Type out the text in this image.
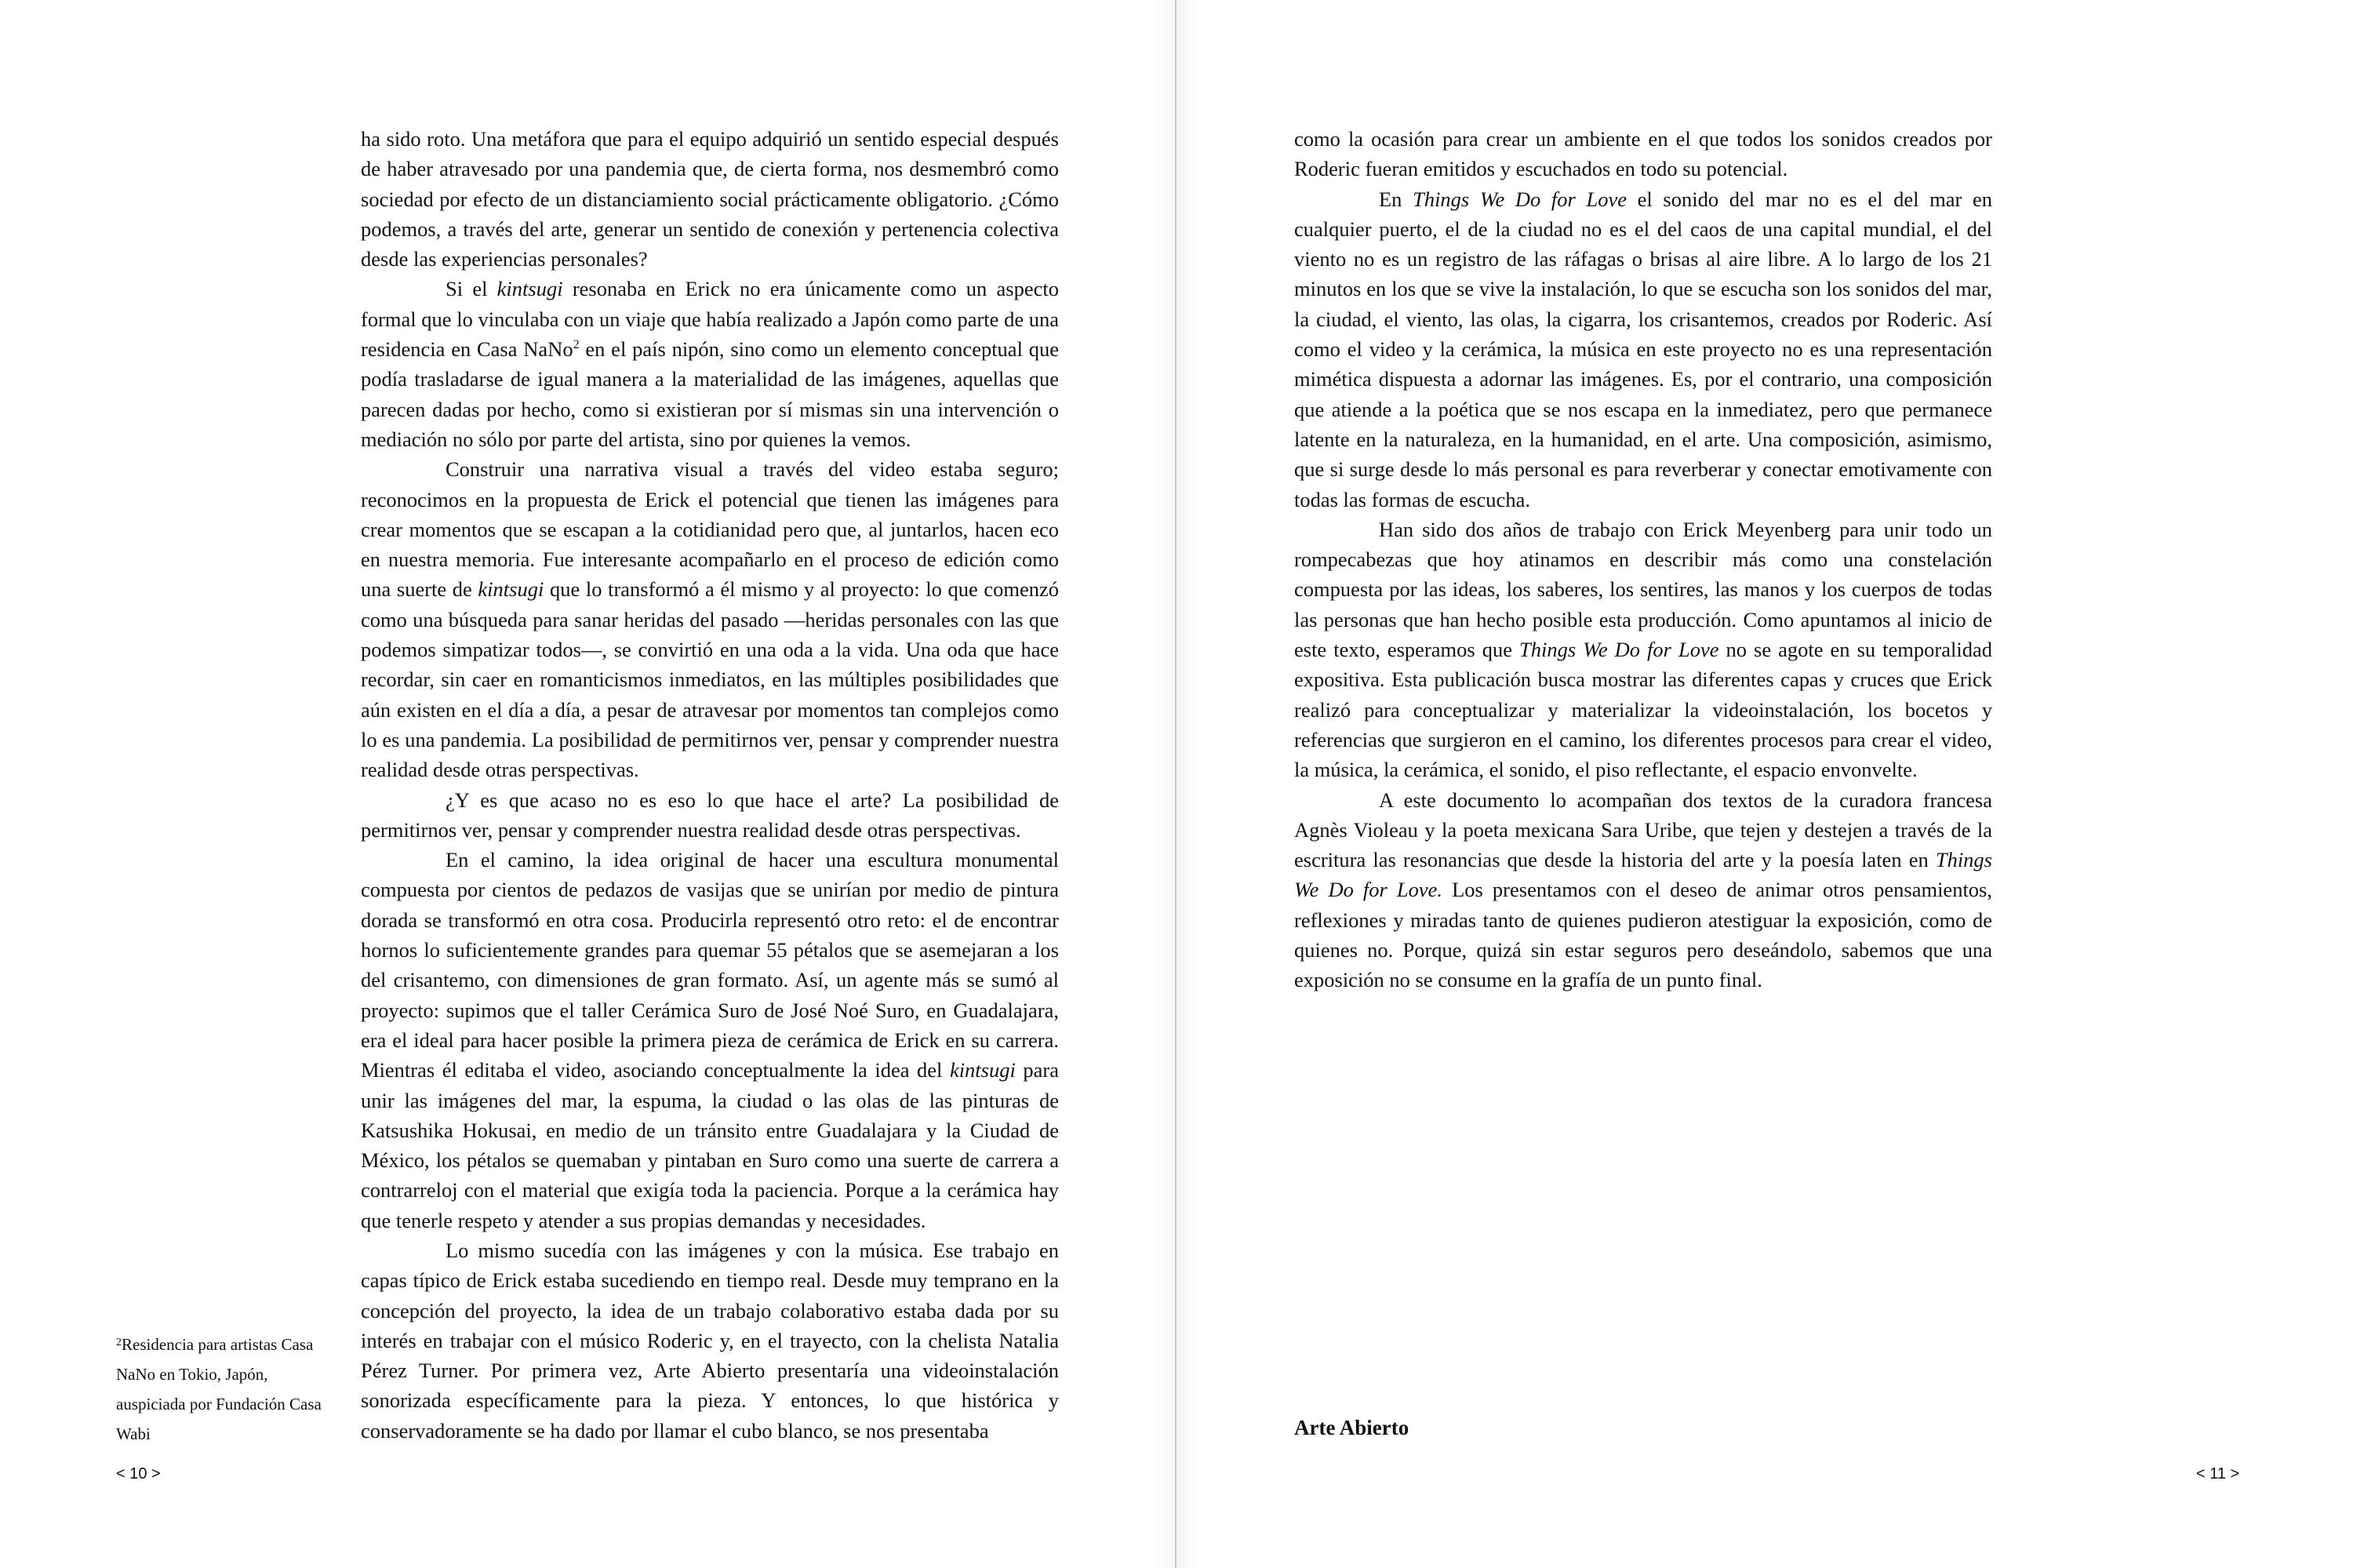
ha sido roto. Una metáfora que para el equipo adquirió un sentido especial después de haber atravesado por una pandemia que, de cierta forma, nos desmembró como sociedad por efecto de un distanciamiento social prácticamente obligatorio. ¿Cómo podemos, a través del arte, generar un sentido de conexión y pertenencia colectiva desde las experiencias personales?

Si el kintsugi resonaba en Erick no era únicamente como un aspecto formal que lo vinculaba con un viaje que había realizado a Japón como parte de una residencia en Casa NaNo$^2$ en el país nipón, sino como un elemento conceptual que podía trasladarse de igual manera a la materialidad de las imágenes, aquellas que parecen dadas por hecho, como si existieran por sí mismas sin una intervención o mediación no sólo por parte del artista, sino por quienes la vemos.

Construir una narrativa visual a través del video estaba seguro; reconocimos en la propuesta de Erick el potencial que tienen las imágenes para crear momentos que se escapan a la cotidianidad pero que, al juntarlos, hacen eco en nuestra memoria. Fue interesante acompañarlo en el proceso de edición como una suerte de kintsugi que lo transformó a él mismo y al proyecto: lo que comenzó como una búsqueda para sanar heridas del pasado —heridas personales con las que podemos simpatizar todos—, se convirtió en una oda a la vida. Una oda que hace recordar, sin caer en romanticismos inmediatos, en las múltiples posibilidades que aún existen en el día a día, a pesar de atravesar por momentos tan complejos como lo es una pandemia. La posibilidad de permitirnos ver, pensar y comprender nuestra realidad desde otras perspectivas.

¿Y es que acaso no es eso lo que hace el arte? La posibilidad de permitirnos ver, pensar y comprender nuestra realidad desde otras perspectivas.

En el camino, la idea original de hacer una escultura monumental compuesta por cientos de pedazos de vasijas que se unirían por medio de pintura dorada se transformó en otra cosa. Producirla representó otro reto: el de encontrar hornos lo suficientemente grandes para quemar 55 pétalos que se asemejaran a los del crisantemo, con dimensiones de gran formato. Así, un agente más se sumó al proyecto: supimos que el taller Cerámica Suro de José Noé Suro, en Guadalajara, era el ideal para hacer posible la primera pieza de cerámica de Erick en su carrera. Mientras él editaba el video, asociando conceptualmente la idea del kintsugi para unir las imágenes del mar, la espuma, la ciudad o las olas de las pinturas de Katsushika Hokusai, en medio de un tránsito entre Guadalajara y la Ciudad de México, los pétalos se quemaban y pintaban en Suro como una suerte de carrera a contrarreloj con el material que exigía toda la paciencia. Porque a la cerámica hay que tenerle respeto y atender a sus propias demandas y necesidades.

Lo mismo sucedía con las imágenes y con la música. Ese trabajo en capas típico de Erick estaba sucediendo en tiempo real. Desde muy temprano en la concepción del proyecto, la idea de un trabajo colaborativo estaba dada por su interés en trabajar con el músico Roderic y, en el trayecto, con la chelista Natalia Pérez Turner. Por primera vez, Arte Abierto presentaría una videoinstalación sonorizada específicamente para la pieza. Y entonces, lo que histórica y conservadoramente se ha dado por llamar el cubo blanco, se nos presentaba

$^2$Residencia para artistas Casa NaNo en Tokio, Japón, auspiciada por Fundación Casa Wabi
< 10 >

como la ocasión para crear un ambiente en el que todos los sonidos creados por Roderic fueran emitidos y escuchados en todo su potencial.

En Things We Do for Love el sonido del mar no es el del mar en cualquier puerto, el de la ciudad no es el del caos de una capital mundial, el del viento no es un registro de las ráfagas o brisas al aire libre. A lo largo de los 21 minutos en los que se vive la instalación, lo que se escucha son los sonidos del mar, la ciudad, el viento, las olas, la cigarra, los crisantemos, creados por Roderic. Así como el video y la cerámica, la música en este proyecto no es una representación mimética dispuesta a adornar las imágenes. Es, por el contrario, una composición que atiende a la poética que se nos escapa en la inmediatez, pero que permanece latente en la naturaleza, en la humanidad, en el arte. Una composición, asimismo, que si surge desde lo más personal es para reverberar y conectar emotivamente con todas las formas de escucha.

Han sido dos años de trabajo con Erick Meyenberg para unir todo un rompecabezas que hoy atinamos en describir más como una constelación compuesta por las ideas, los saberes, los sentires, las manos y los cuerpos de todas las personas que han hecho posible esta producción. Como apuntamos al inicio de este texto, esperamos que Things We Do for Love no se agote en su temporalidad expositiva. Esta publicación busca mostrar las diferentes capas y cruces que Erick realizó para conceptualizar y materializar la videoinstalación, los bocetos y referencias que surgieron en el camino, los diferentes procesos para crear el video, la música, la cerámica, el sonido, el piso reflectante, el espacio envonvelte.

A este documento lo acompañan dos textos de la curadora francesa Agnès Violeau y la poeta mexicana Sara Uribe, que tejen y destejen a través de la escritura las resonancias que desde la historia del arte y la poesía laten en Things We Do for Love. Los presentamos con el deseo de animar otros pensamientos, reflexiones y miradas tanto de quienes pudieron atestiguar la exposición, como de quienes no. Porque, quizá sin estar seguros pero deseándolo, sabemos que una exposición no se consume en la grafía de un punto final.

Arte Abierto
< 11 >
